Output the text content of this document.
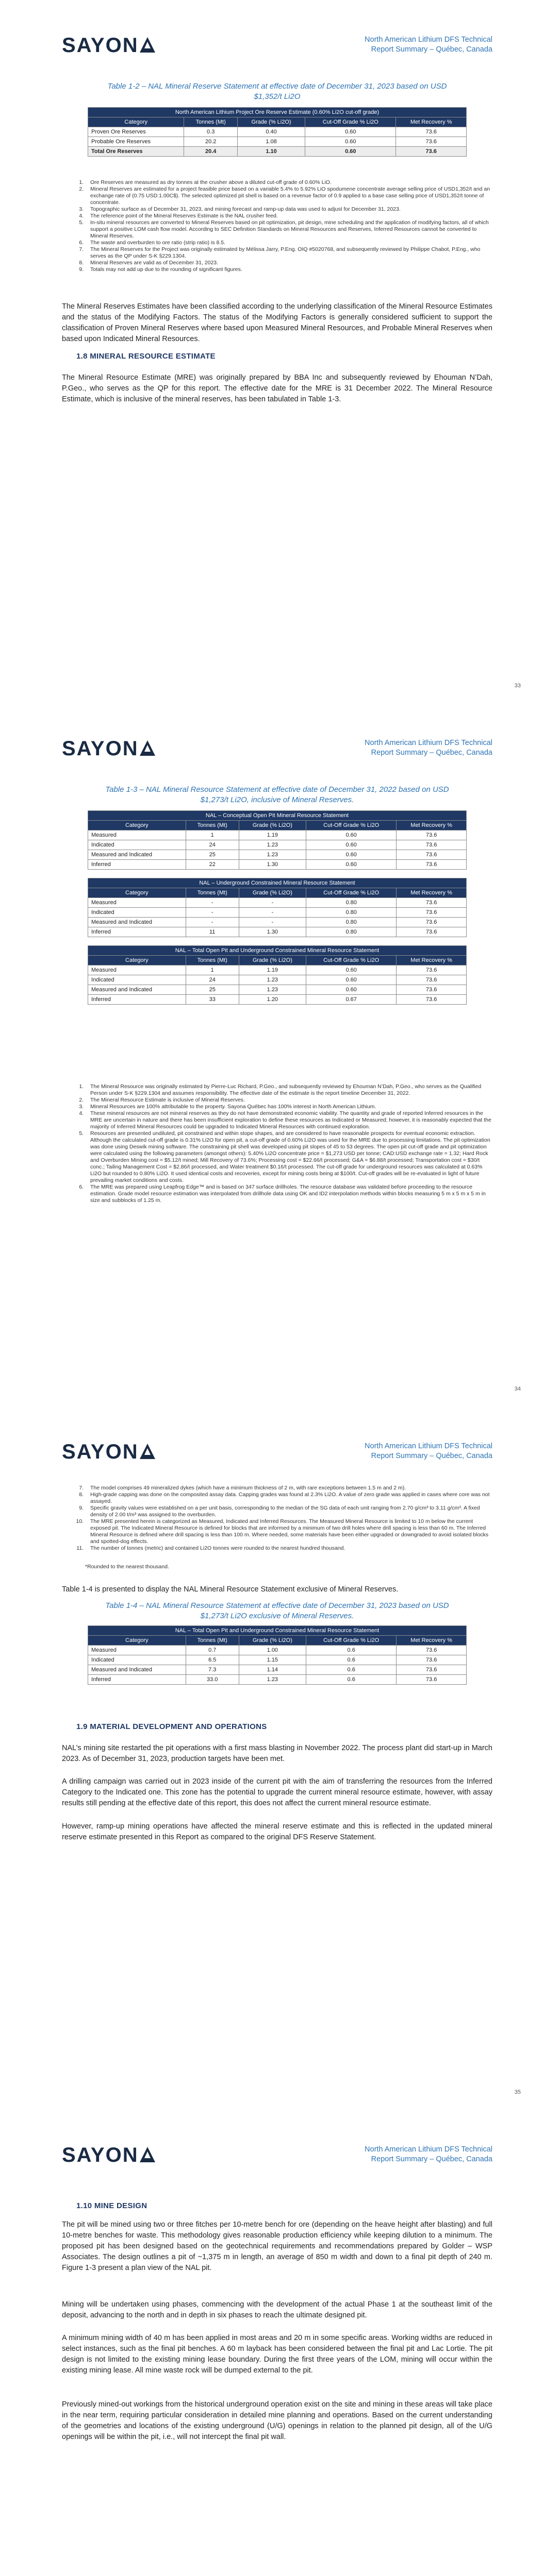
SAYON	North American Lithium DFS Technical
Report Summary – Québec, Canada
Table 1-2 – NAL Mineral Reserve Statement at effective date of December 31, 2023 based on USD
$1,352/t Li2O
North American Lithium Project Ore Reserve Estimate (0.60% Li2O cut-off grade)				
Category	Tonnes (Mt)	Grade (% Li2O)	Cut-Off Grade % Li2O	Met Recovery %
Proven Ore Reserves	0.3	0.40	0.60	73.6
Probable Ore Reserves	20.2	1.08	0.60	73.6
Total Ore Reserves	20.4	1.10	0.60	73.6
1. Ore Reserves are measured as dry tonnes at the crusher above a diluted cut-off grade of 0.60% LiO.
2. Mineral Reserves are estimated for a project feasible price based on a variable 5.4% to 5.92% LiO spodumene concentrate average selling price of USD1,352/t and an exchange rate of (0.75 USD:1.00C$). The selected optimized pit shell is based on a revenue factor of 0.9 applied to a base case selling price of USD1,352/t tonne of concentrate.
3. Topographic surface as of December 31, 2023, and mining forecast and ramp-up data was used to adjust for December 31, 2023.
4. The reference point of the Mineral Reserves Estimate is the NAL crusher feed.
5. In-situ mineral resources are converted to Mineral Reserves based on pit optimization, pit design, mine scheduling and the application of modifying factors, all of which support a positive LOM cash flow model. According to SEC Definition Standards on Mineral Resources and Reserves, Inferred Resources cannot be converted to Mineral Reserves.
6. The waste and overburden to ore ratio (strip ratio) is 8.5.
7. The Mineral Reserves for the Project was originally estimated by Mélissa Jarry, P.Eng. OIQ #5020768, and subsequently reviewed by Philippe Chabot, P.Eng., who serves as the QP under S-K §229.1304.
8. Mineral Reserves are valid as of December 31, 2023.
9. Totals may not add up due to the rounding of significant figures.

The Mineral Reserves Estimates have been classified according to the underlying classification of the Mineral Resource Estimates and the status of the Modifying Factors. The status of the Modifying Factors is generally considered sufficient to support the classification of Proven Mineral Reserves where based upon Measured Mineral Resources, and Probable Mineral Reserves when based upon Indicated Mineral Resources.

1.8 MINERAL RESOURCE ESTIMATE

The Mineral Resource Estimate (MRE) was originally prepared by BBA Inc and subsequently reviewed by Ehouman N’Dah, P.Geo., who serves as the QP for this report. The effective date for the MRE is 31 December 2022. The Mineral Resource Estimate, which is inclusive of the mineral reserves, has been tabulated in Table 1-3.

33
SAYON	North American Lithium DFS Technical
Report Summary – Québec, Canada
Table 1-3 – NAL Mineral Resource Statement at effective date of December 31, 2022 based on USD
$1,273/t Li2O, inclusive of Mineral Reserves.
NAL – Conceptual Open Pit Mineral Resource Statement				
Category	Tonnes (Mt)	Grade (% Li2O)	Cut-Off Grade % Li2O	Met Recovery %
Measured	1	1.19	0.60	73.6
Indicated	24	1.23	0.60	73.6
Measured and Indicated	25	1.23	0.60	73.6
Inferred	22	1.30	0.60	73.6

NAL – Underground Constrained Mineral Resource Statement				
Category	Tonnes (Mt)	Grade (% Li2O)	Cut-Off Grade % Li2O	Met Recovery %
Measured	-	-	0.80	73.6
Indicated	-	-	0.80	73.6
Measured and Indicated	-	-	0.80	73.6
Inferred	11	1.30	0.80	73.6

NAL – Total Open Pit and Underground Constrained Mineral Resource Statement				
Category	Tonnes (Mt)	Grade (% Li2O)	Cut-Off Grade % Li2O	Met Recovery %
Measured	1	1.19	0.60	73.6
Indicated	24	1.23	0.60	73.6
Measured and Indicated	25	1.23	0.60	73.6
Inferred	33	1.20	0.67	73.6
1. The Mineral Resource was originally estimated by Pierre-Luc Richard, P.Geo., and subsequently reviewed by Ehouman N’Dah, P.Geo., who serves as the Qualified Person under S-K §229.1304 and assumes responsibility. The effective date of the estimate is the report timeline December 31, 2022.
2. The Mineral Resource Estimate is inclusive of Mineral Reserves.
3. Mineral Resources are 100% attributable to the property. Sayona Québec has 100% interest in North American Lithium.
4. These mineral resources are not mineral reserves as they do not have demonstrated economic viability. The quantity and grade of reported Inferred resources in the MRE are uncertain in nature and there has been insufficient exploration to define these resources as Indicated or Measured; however, it is reasonably expected that the majority of Inferred Mineral Resources could be upgraded to Indicated Mineral Resources with continued exploration.
5. Resources are presented undiluted, pit constrained and within stope shapes, and are considered to have reasonable prospects for eventual economic extraction. Although the calculated cut-off grade is 0.31% Li2O for open pit, a cut-off grade of 0.60% Li2O was used for the MRE due to processing limitations. The pit optimization was done using Deswik mining software. The constraining pit shell was developed using pit slopes of 45 to 53 degrees. The open pit cut-off grade and pit optimization were calculated using the following parameters (amongst others): 5.40% Li2O concentrate price = $1,273 USD per tonne; CAD:USD exchange rate = 1.32; Hard Rock and Overburden Mining cost = $5.12/t mined; Mill Recovery of 73.6%; Processing cost = $22.66/t processed; G&A = $6.88/t processed; Transportation cost = $30/t conc.; Tailing Management Cost = $2.86/t processed, and Water treatment $0.16/t processed. The cut-off grade for underground resources was calculated at 0.63% Li2O but rounded to 0.80% Li2O. It used identical costs and recoveries, except for mining costs being at $100/t. Cut-off grades will be re-evaluated in light of future prevailing market conditions and costs.
6. The MRE was prepared using Leapfrog Edge™ and is based on 347 surface drillholes. The resource database was validated before proceeding to the resource estimation. Grade model resource estimation was interpolated from drillhole data using OK and ID2 interpolation methods within blocks measuring 5 m x 5 m x 5 m in size and subblocks of 1.25 m.
34
SAYON	North American Lithium DFS Technical
Report Summary – Québec, Canada
7. The model comprises 49 mineralized dykes (which have a minimum thickness of 2 m, with rare exceptions between 1.5 m and 2 m).
8. High-grade capping was done on the composited assay data. Capping grades was found at 2.3% Li2O. A value of zero grade was applied in cases where core was not assayed.
9. Specific gravity values were established on a per unit basis, corresponding to the median of the SG data of each unit ranging from 2.70 g/cm³ to 3.11 g/cm³. A fixed density of 2.00 t/m³ was assigned to the overburden.
10. The MRE presented herein is categorized as Measured, Indicated and Inferred Resources. The Measured Mineral Resource is limited to 10 m below the current exposed pit. The Indicated Mineral Resource is defined for blocks that are informed by a minimum of two drill holes where drill spacing is less than 60 m. The Inferred Mineral Resource is defined where drill spacing is less than 100 m. Where needed, some materials have been either upgraded or downgraded to avoid isolated blocks and spotted-dog effects.
11. The number of tonnes (metric) and contained Li2O tonnes were rounded to the nearest hundred thousand.
*Rounded to the nearest thousand.

Table 1-4 is presented to display the NAL Mineral Resource Statement exclusive of Mineral Reserves.

Table 1-4 – NAL Mineral Resource Statement at effective date of December 31, 2023 based on USD
$1,273/t Li2O exclusive of Mineral Reserves.
NAL – Total Open Pit and Underground Constrained Mineral Resource Statement				
Category	Tonnes (Mt)	Grade (% Li2O)	Cut-Off Grade % Li2O	Met Recovery %
Measured	0.7	1.00	0.6	73.6
Indicated	6.5	1.15	0.6	73.6
Measured and Indicated	7.3	1.14	0.6	73.6
Inferred	33.0	1.23	0.6	73.6
1.9 MATERIAL DEVELOPMENT AND OPERATIONS

NAL’s mining site restarted the pit operations with a first mass blasting in November 2022. The process plant did start-up in March 2023. As of December 31, 2023, production targets have been met.

A drilling campaign was carried out in 2023 inside of the current pit with the aim of transferring the resources from the Inferred Category to the Indicated one. This zone has the potential to upgrade the current mineral resource estimate, however, with assay results still pending at the effective date of this report, this does not affect the current mineral resource estimate.

However, ramp-up mining operations have affected the mineral reserve estimate and this is reflected in the updated mineral reserve estimate presented in this Report as compared to the original DFS Reserve Statement.

35
SAYON	North American Lithium DFS Technical
Report Summary – Québec, Canada
1.10 MINE DESIGN

The pit will be mined using two or three fitches per 10-metre bench for ore (depending on the heave height after blasting) and full 10-metre benches for waste. This methodology gives reasonable production efficiency while keeping dilution to a minimum. The proposed pit has been designed based on the geotechnical requirements and recommendations prepared by Golder – WSP Associates. The design outlines a pit of ~1,375 m in length, an average of 850 m width and down to a final pit depth of 240 m. Figure 1-3 present a plan view of the NAL pit.

Mining will be undertaken using phases, commencing with the development of the actual Phase 1 at the southeast limit of the deposit, advancing to the north and in depth in six phases to reach the ultimate designed pit.

A minimum mining width of 40 m has been applied in most areas and 20 m in some specific areas. Working widths are reduced in select instances, such as the final pit benches. A 60 m layback has been considered between the final pit and Lac Lortie. The pit design is not limited to the existing mining lease boundary. During the first three years of the LOM, mining will occur within the existing mining lease. All mine waste rock will be dumped external to the pit.

Previously mined-out workings from the historical underground operation exist on the site and mining in these areas will take place in the near term, requiring particular consideration in detailed mine planning and operations. Based on the current understanding of the geometries and locations of the existing underground (U/G) openings in relation to the planned pit design, all of the U/G openings will be within the pit, i.e., will not intercept the final pit wall.
